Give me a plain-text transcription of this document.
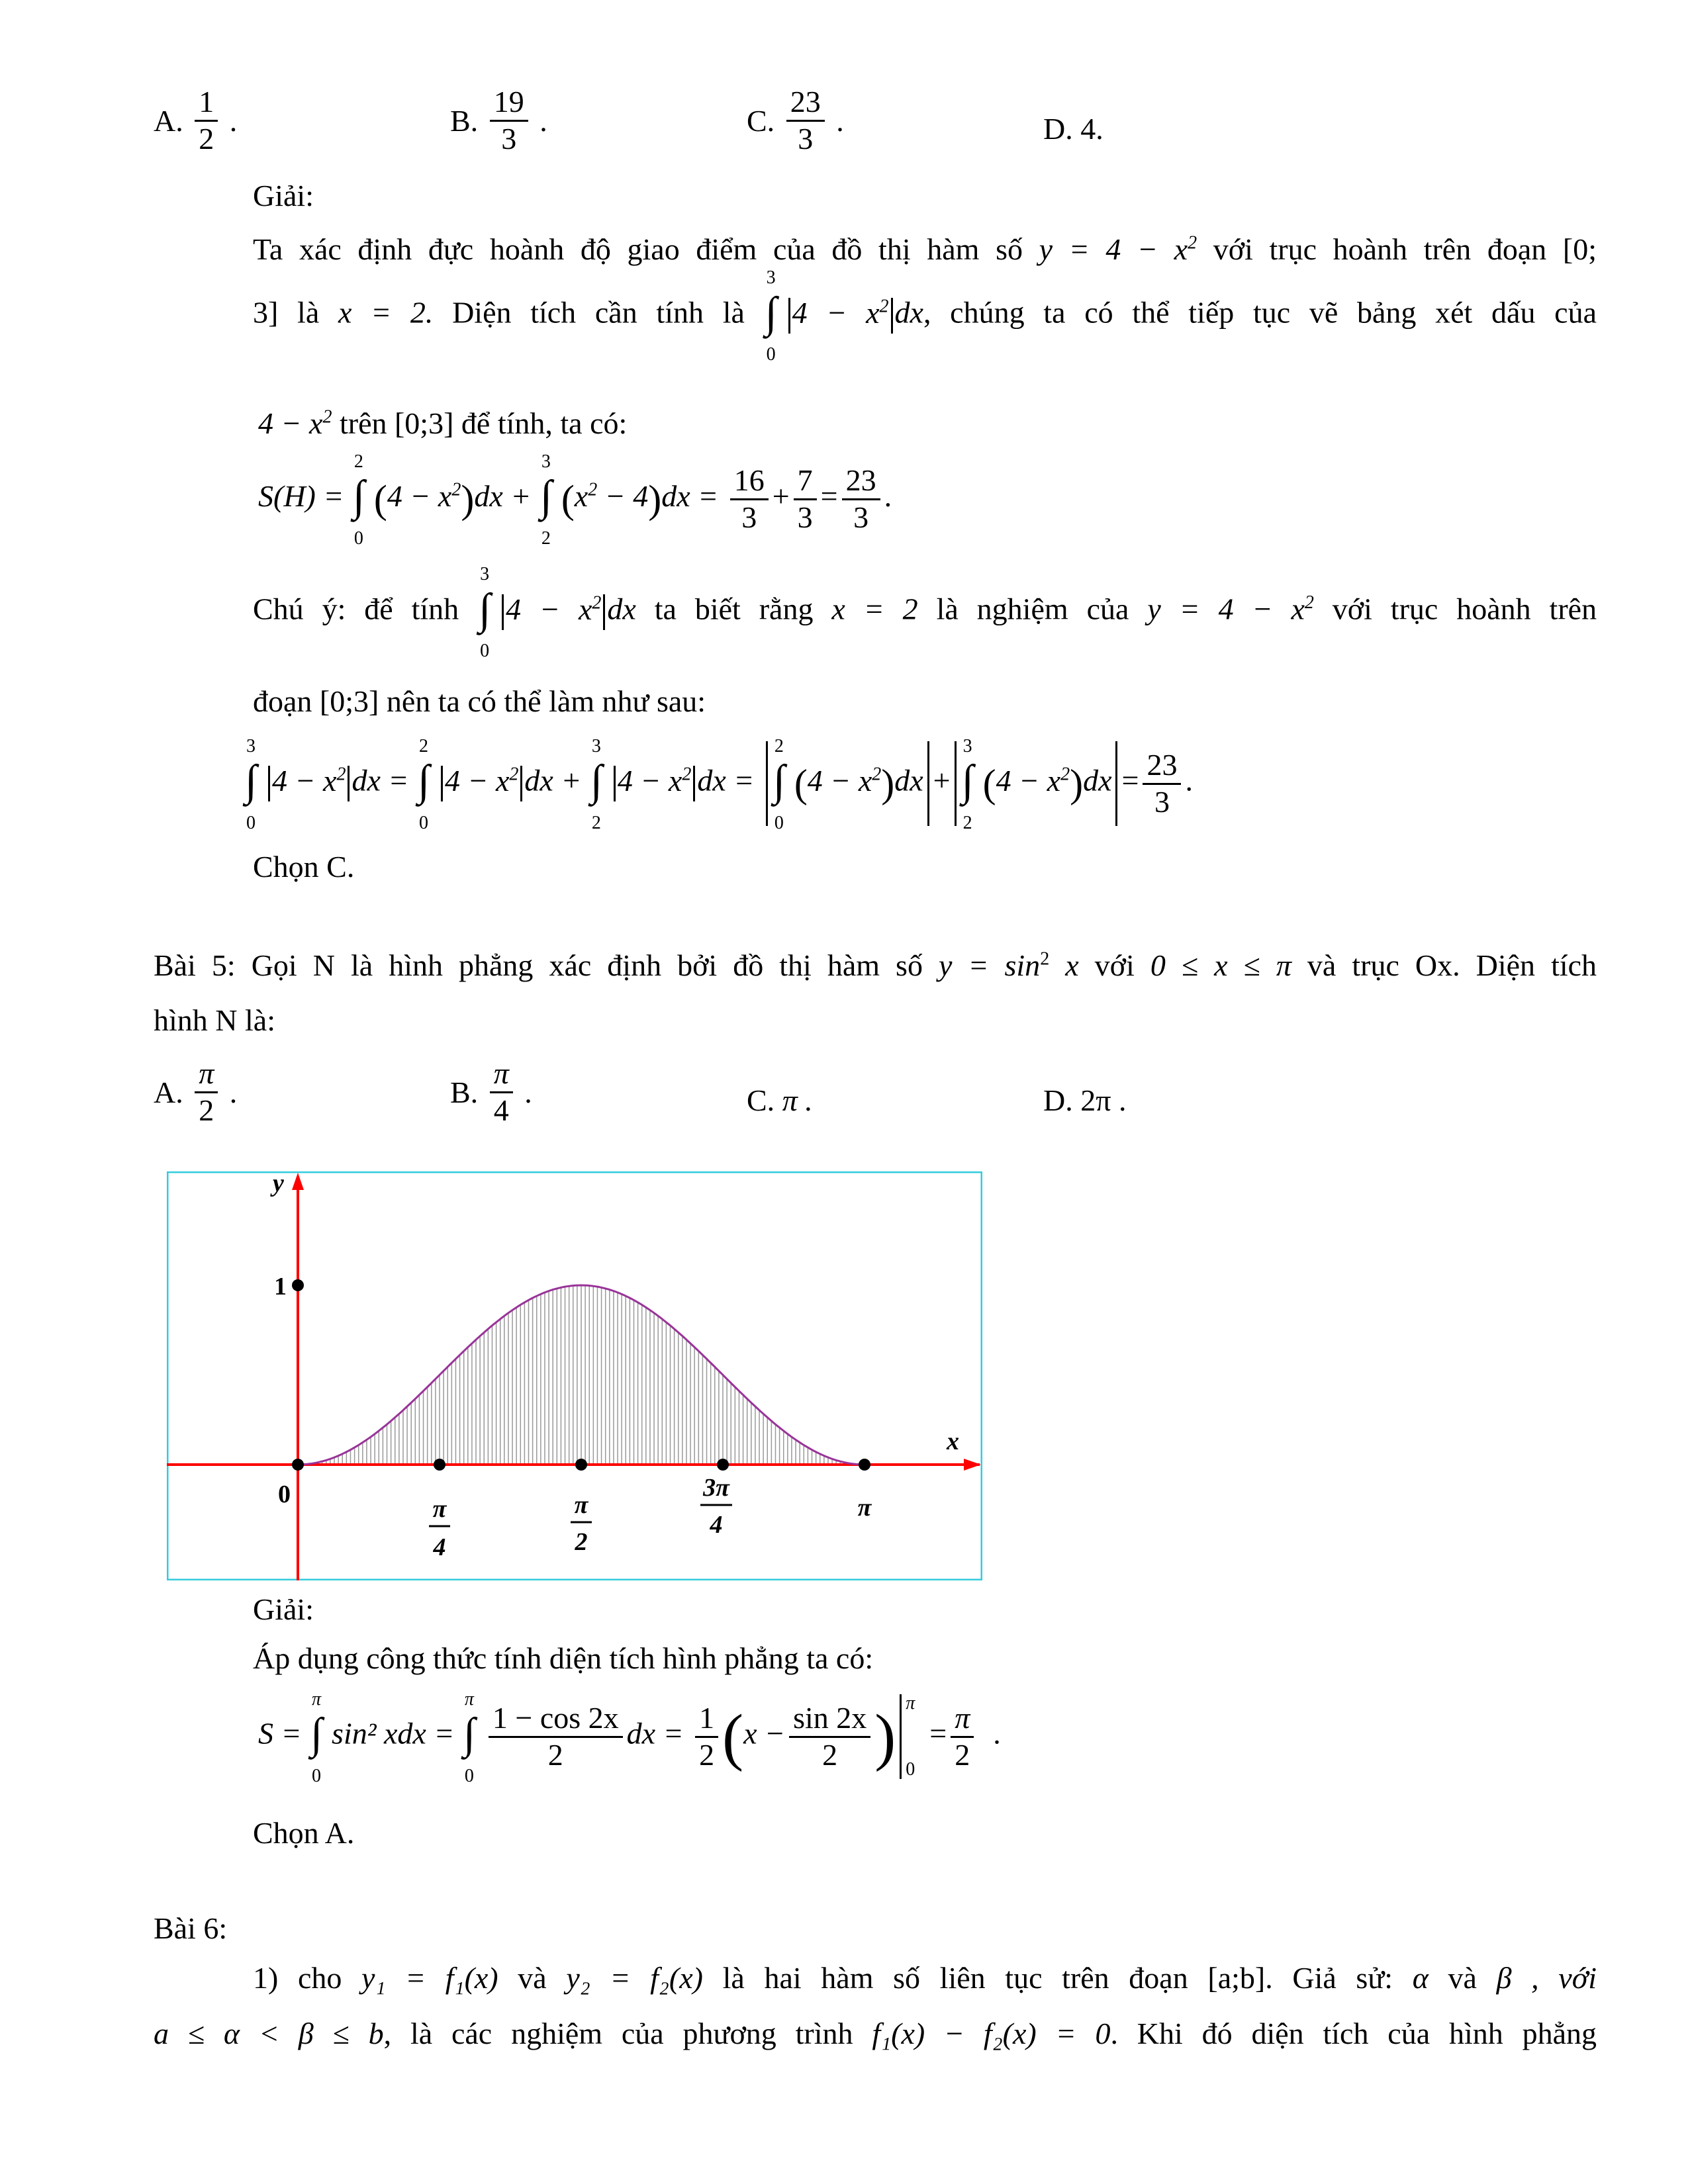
A. $\frac{1}{2}$ .	B. $\frac{19}{3}$ .	C. $\frac{23}{3}$ .	D. 4.
Giải:
Ta xác định đực hoành độ giao điểm của đồ thị hàm số $y = 4 - x^2$ với trục hoành trên đoạn [0;
3] là x = 2. Diện tích cần tính là
3
∫
0
$4 - x^2$ dx, chúng ta có thể tiếp tục vẽ bảng xét dấu của
$4 - x^2$ trên [0;3] để tính, ta có:
S(H) =
2
∫
0
$(4 - x^2)dx$ +
3
∫
2
$(x^2 - 4)dx = \frac{16}{3} + \frac{7}{3} = \frac{23}{3}$ .
Chú ý: để tính
3
∫
0
$4 - x^2$ dx ta biết rằng x = 2 là nghiệm của $y = 4 - x^2$ với trục hoành trên
đoạn [0;3] nên ta có thể làm như sau:
3
∫
0
$4 - x^2$ dx =
2
∫
0
$4 - x^2$ dx +
3
∫
2
$4 - x^2$ dx =
2
∫
0
$(4 - x^2)dx$ +
3
∫
2
$(4 - x^2)dx = \frac{23}{3}$ .
Chọn C.
Bài 5: Gọi N là hình phẳng xác định bởi đồ thị hàm số $y = \sin^2 x$ với 0 ≤ x ≤ π và trục Ox. Diện tích
hình N là:
A. $\frac{\pi}{2}$ .	B. $\frac{\pi}{4}$ .	C. π .	D. 2π .
y
x
0
1
π
4
π
2
3π
4
π
Giải:
Áp dụng công thức tính diện tích hình phẳng ta có:
S =
π
∫
0
sin² xdx =
π
∫
0
$\frac{1 - \cos 2x}{2}$ dx = $\frac{1}{2} (x - \frac{\sin 2x}{2}$ ) π
0
= $\frac{\pi}{2}$ .
Chọn A.
Bài 6:
1) cho y₁ = f₁(x) và y₂ = f₂(x) là hai hàm số liên tục trên đoạn [a;b]. Giả sử: α và β , với
a ≤ α < β ≤ b, là các nghiệm của phương trình f₁(x) − f₂(x) = 0. Khi đó diện tích của hình phẳng
